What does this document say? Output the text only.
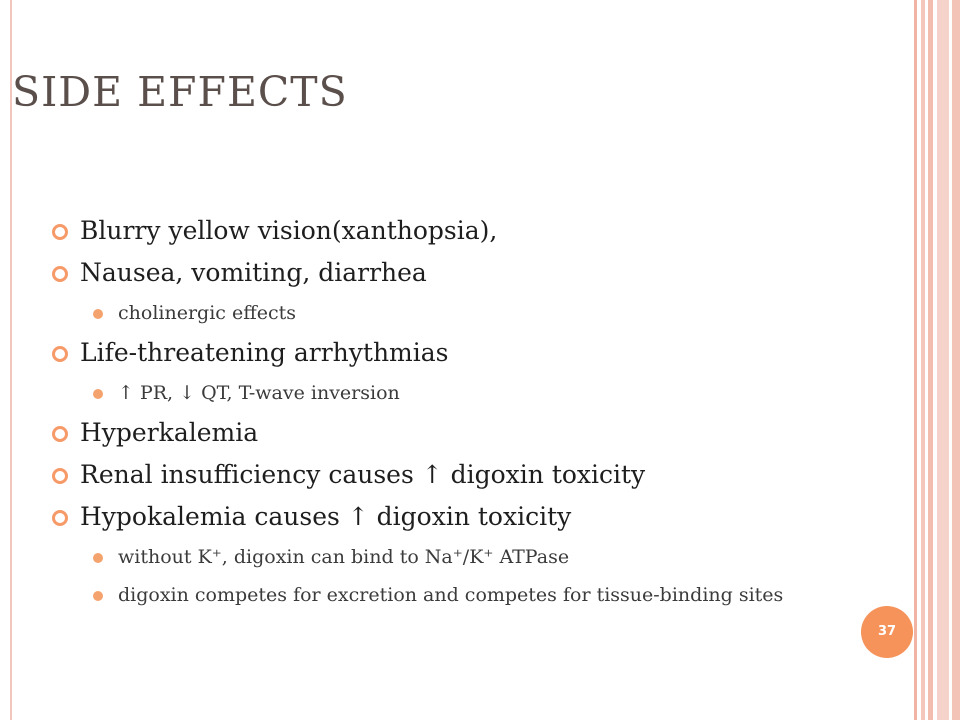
SIDE EFFECTS
Blurry yellow vision(xanthopsia),
Nausea, vomiting, diarrhea
cholinergic effects
Life-threatening arrhythmias
↑ PR, ↓ QT, T-wave inversion
Hyperkalemia
Renal insufficiency causes ↑ digoxin toxicity
Hypokalemia causes ↑ digoxin toxicity
without K⁺, digoxin can bind to Na⁺/K⁺ ATPase
digoxin competes for excretion and competes for tissue-binding sites
37
